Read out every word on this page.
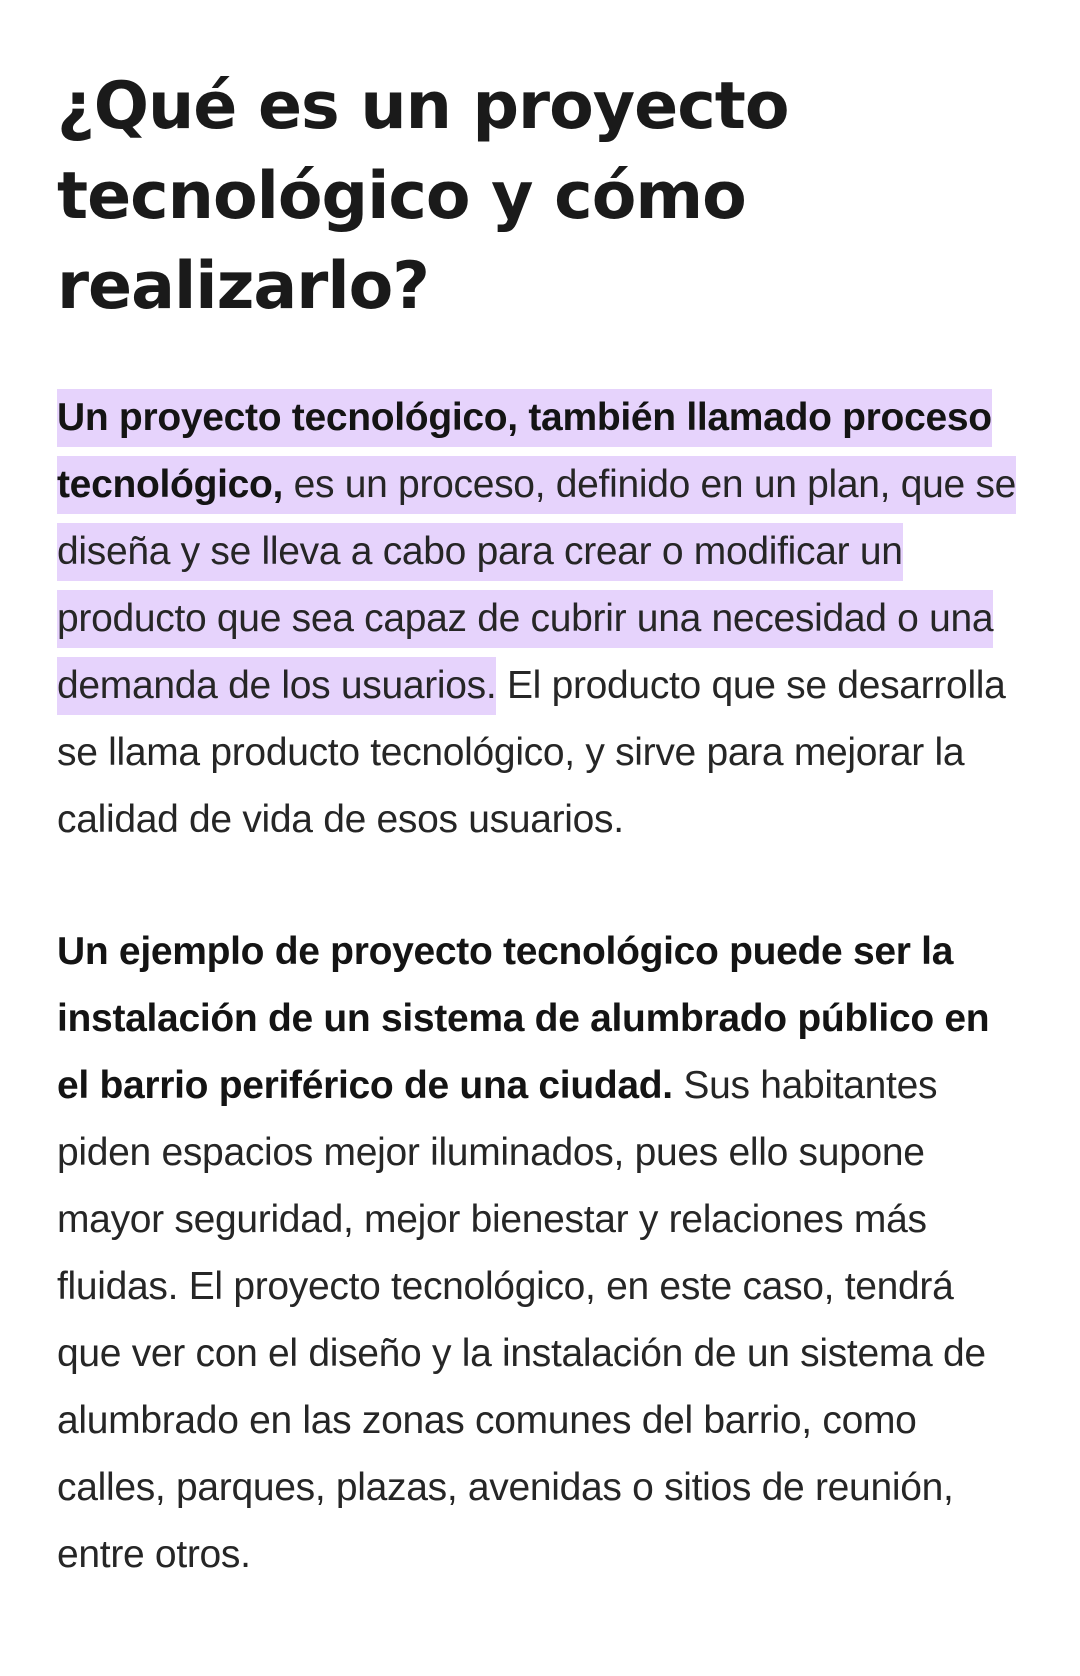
¿Qué es un proyecto tecnológico y cómo realizarlo?

Un proyecto tecnológico, también llamado proceso tecnológico, es un proceso, definido en un plan, que se diseña y se lleva a cabo para crear o modificar un producto que sea capaz de cubrir una necesidad o una demanda de los usuarios. El producto que se desarrolla se llama producto tecnológico, y sirve para mejorar la calidad de vida de esos usuarios.

Un ejemplo de proyecto tecnológico puede ser la instalación de un sistema de alumbrado público en el barrio periférico de una ciudad. Sus habitantes piden espacios mejor iluminados, pues ello supone mayor seguridad, mejor bienestar y relaciones más fluidas. El proyecto tecnológico, en este caso, tendrá que ver con el diseño y la instalación de un sistema de alumbrado en las zonas comunes del barrio, como calles, parques, plazas, avenidas o sitios de reunión, entre otros.
